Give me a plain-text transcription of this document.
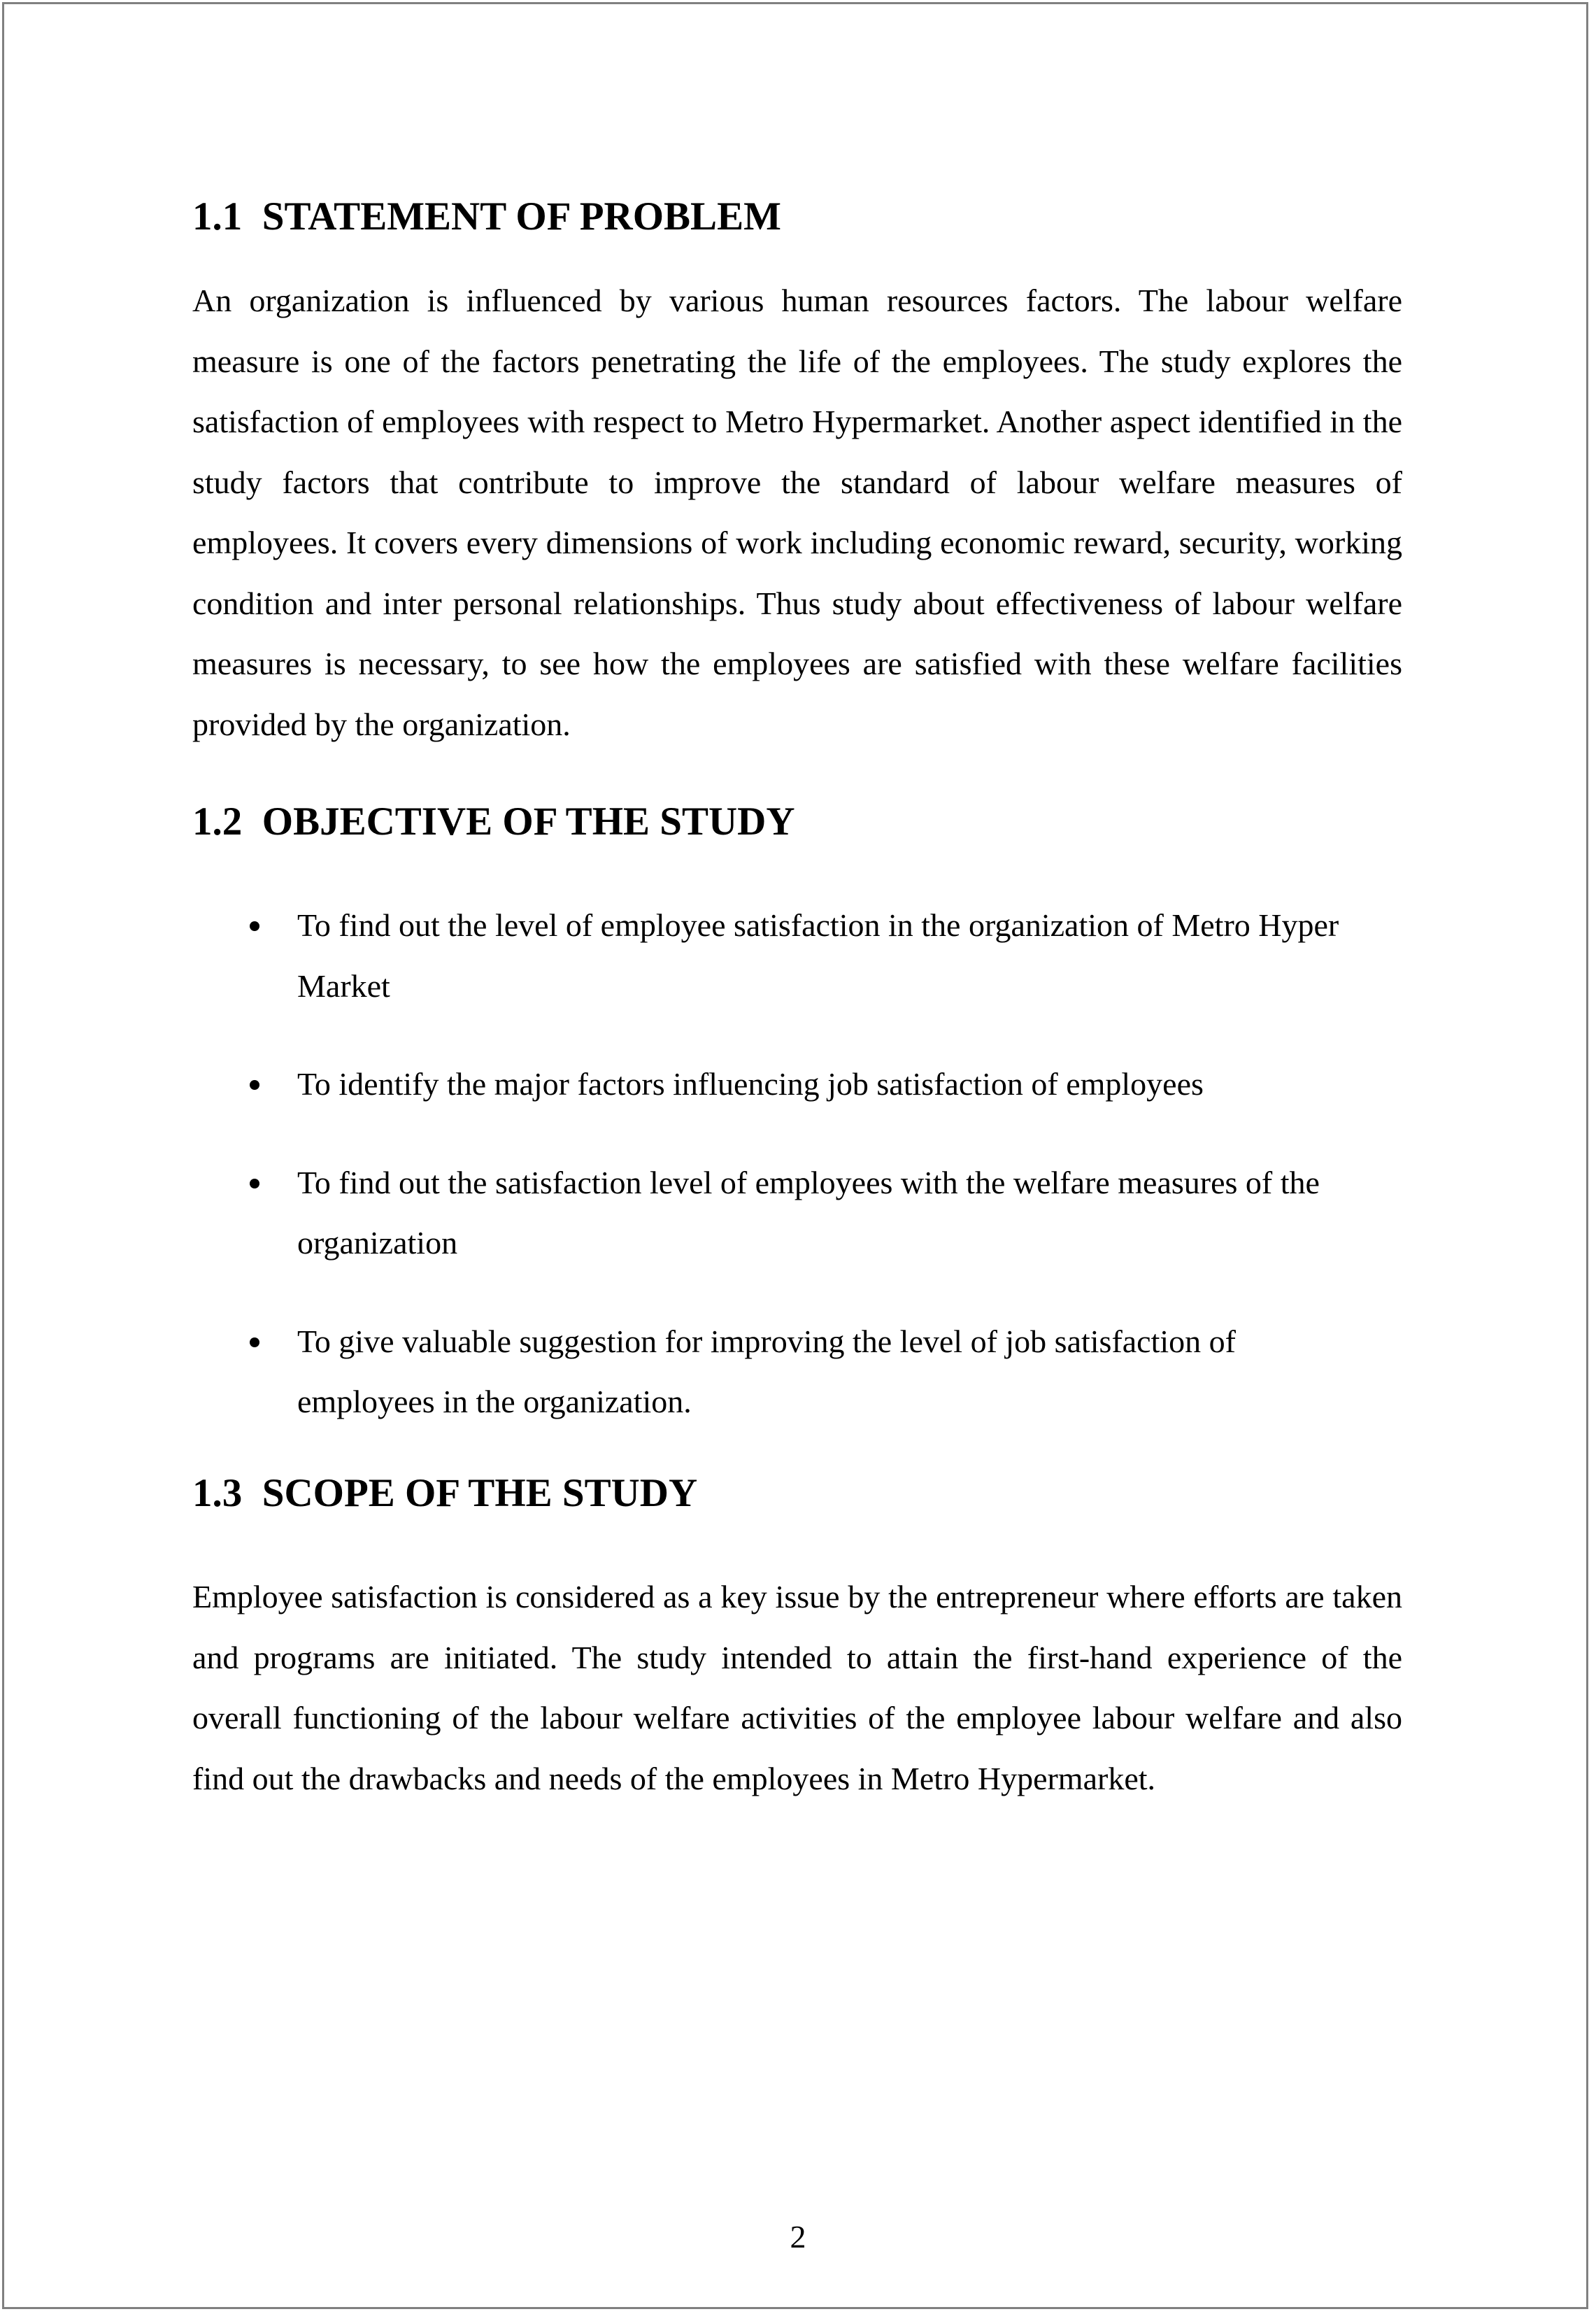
1.1  STATEMENT OF PROBLEM

An organization is influenced by various human resources factors. The labour welfare measure is one of the factors penetrating the life of the employees. The study explores the satisfaction of employees with respect to Metro Hypermarket. Another aspect identified in the study factors that contribute to improve the standard of labour welfare measures of employees. It covers every dimensions of work including economic reward, security, working condition and inter personal relationships. Thus study about effectiveness of labour welfare measures is necessary, to see how the employees are satisfied with these welfare facilities provided by the organization.

1.2  OBJECTIVE OF THE STUDY
To find out the level of employee satisfaction in the organization of Metro Hyper Market
To identify the major factors influencing job satisfaction of employees
To find out the satisfaction level of employees with the welfare measures of the organization
To give valuable suggestion for improving the level of job satisfaction of employees in the organization.
1.3  SCOPE OF THE STUDY

Employee satisfaction is considered as a key issue by the entrepreneur where efforts are taken and programs are initiated. The study intended to attain the first-hand experience of the overall functioning of the labour welfare activities of the employee labour welfare and also find out the drawbacks and needs of the employees in Metro Hypermarket.

2
